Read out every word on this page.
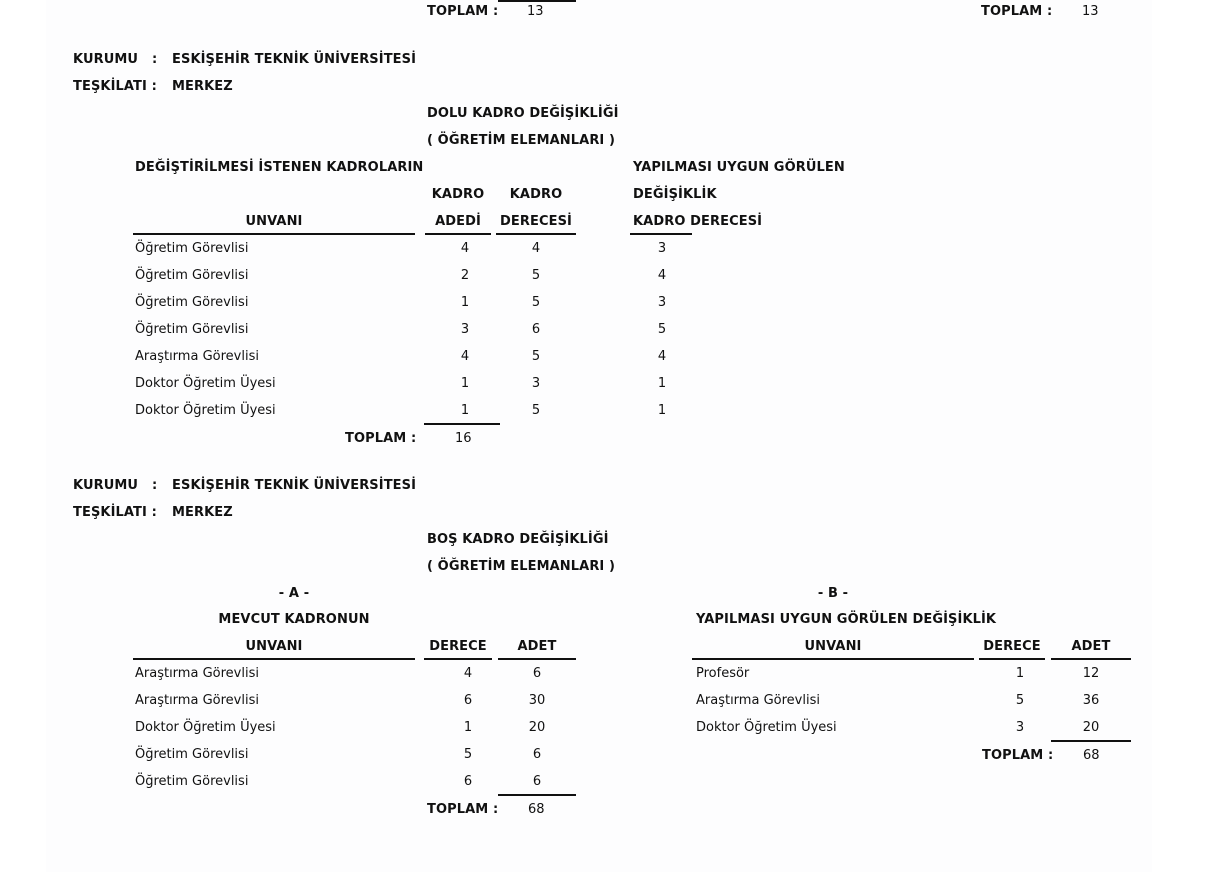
TOPLAM : 13	TOPLAM : 13
KURUMU : ESKİŞEHİR TEKNİK ÜNİVERSİTESİ
TEŞKİLATI : MERKEZ
DOLU KADRO DEĞİŞİKLİĞİ
( ÖĞRETİM ELEMANLARI )
DEĞİŞTİRİLMESİ İSTENEN KADROLARIN	YAPILMASI UYGUN GÖRÜLEN
DEĞİŞİKLİK
KADRO DERECESİ
KADRO	KADRO
UNVANI	ADEDİ	DERECESİ
Öğretim Görevlisi	4	4	3
Öğretim Görevlisi	2	5	4
Öğretim Görevlisi	1	5	3
Öğretim Görevlisi	3	6	5
Araştırma Görevlisi	4	5	4
Doktor Öğretim Üyesi	1	3	1
Doktor Öğretim Üyesi	1	5	1
TOPLAM :	16
KURUMU : ESKİŞEHİR TEKNİK ÜNİVERSİTESİ
TEŞKİLATI : MERKEZ
BOŞ KADRO DEĞİŞİKLİĞİ
( ÖĞRETİM ELEMANLARI )
- A -
MEVCUT KADRONUN
UNVANI	DERECE	ADET
Araştırma Görevlisi	4	6
Araştırma Görevlisi	6	30
Doktor Öğretim Üyesi	1	20
Öğretim Görevlisi	5	6
Öğretim Görevlisi	6	6
TOPLAM : 68
- B -
YAPILMASI UYGUN GÖRÜLEN DEĞİŞİKLİK
UNVANI	DERECE	ADET
Profesör	1	12
Araştırma Görevlisi	5	36
Doktor Öğretim Üyesi	3	20
TOPLAM : 68
